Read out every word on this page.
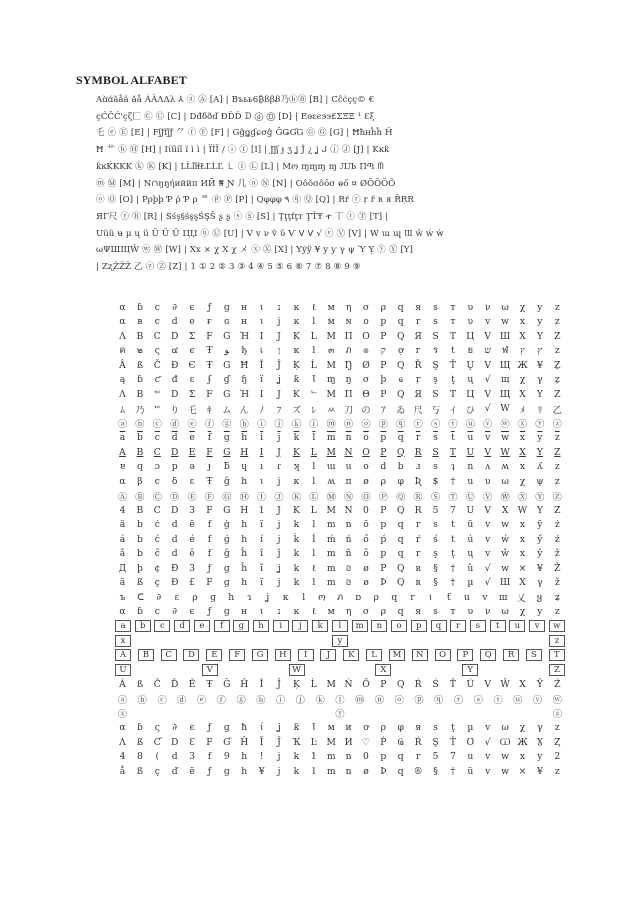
SYMBOL ALFABET
Aɑ̀ɑ́ăåã ăå ÀÂΛΔλ ⅄ ⓐ Ⓐ [A] | Bъьь6₿ßβᏰ乃ⓑⒷ [B] | Cĉċçç© €
çĆČĆ'ҫζ匚 Ⓒ Ⓒ [C] | Dđδðď ĐĎĎ ᗪ ⓓ Ⓓ [D] | Eəɛє϶϶£ΣΞΞ ¹ Ɛξ
乇 ⓔ Ⓔ [E] | Fʃƒſʃƒ ⺈ ⓕ Ⓕ [F] | Gĝǥɠɕσĝ ĜǤƓG Ⓖ Ⓖ [G] | Ħħнĥĥ Ĥ
Ħ ⺾ ⓗ Ⓗ [H] | Iίïìíï ï ì ì | ÏÌĪ / ⓘ Ⓘ [I] | Jĵʃ ɟ ʒ ʝ Ĵ ¿ ʝ ᒍ ⓙ Ⓙ [J] | Kĸƙ
ƙĸḰKKK ⓚ Ⓚ [K] | LĹľŀłŁĽĹĽ ㇄ ⓛ Ⓛ [L] | Mო ɱɱɱ ɱ ЛЉ ΠՊ ᗰ
ⓜ Ⓜ [M] | N∩ŋŋήиййπ ИЙ ₦ Ɲ 几 ⓝ Ⓝ [N] | Oôŏσôōσ ⱺő ¤ ØÕÕÕŌ
ⓞ Ⓞ [O] | Pρþþ Ƥ ῥ Ƥ ρ ᄅ ⓟ Ⓟ [P] | Qφφφ ۹ ⓠ Ⓠ [Q] | Rŕ ⓡ ŗ ř ʀ я ŘŖŖ
ЯΓ尺 ⓡ Ⓡ [R] | Sśş§śşşŚŞŠ ʂ ʂ ⓢ Ⓢ [S] | Ţţţťţт ŢŤŦ ተ 丅 ⓣ Ⓣ [T] |
Uũü ʉ μ ų ü Ū Ü Ŭ ЦЏ ⓤ Ⓤ [U] | V v ν ṽ ῦ Ѵ ᐯ ᐯ √ ⓥ Ⓥ [V] | W ɯ ɰ Ɯ ŵ ẃ ẁ
ωΨШЩŴ ⓦ Ⓦ [W] | Xx × χ Χ χ メ ⓧ Ⓧ [X] | Yýÿ ¥ y ƴ γ ψ Ύ Ỵ ⓨ Ⓨ [Y]
| ZʐŽŽŽ 乙 ⓩ Ⓩ [Z] | 1 ① 2 ② 3 ③ 4 ④ 5 ⑤ 6 ⑥ 7 ⑦ 8 ⑧ 9 ⑨
α	ɓ	ϲ	∂	є	ƒ	g	н	ι	נ	ĸ	ℓ	м	η	σ	ρ	q	я	ѕ	т	υ	ν	ω	χ	у	z
α	в	c	d	e	ғ	ɢ	н	ι	j	ĸ	l	м	ɴ	o	p	q	r	ѕ	т	υ	v	w	х	y	z
Λ	B	C	D	Σ	F	G Ή	I	J	K	L	M Π	O	P	Q	Я	S	T	Ц	V Ш X	Y	Z
ค	๒	ς	๔	є	Ŧ	ﻮ	ђ	เ	ן	к	l	๓	ภ	๏	ק	ợ	г	ร	t	ย	ש	ฬ	ץ	ץ	z
Â	ß	Č	Đ	Є	Ŧ	G	Ħ	Ï	Ĵ	Ķ	Ĺ	Μ Ŋ	Ø	Р	Q	Ř	Ş	Ť	Ų	V Щ Ж	¥	Ẕ
ą	ɓ	ƈ	đ	ε	ʄ	ɠ	ɧ	ï	ʝ	ƙ	Ɩ	ɱ	ŋ	σ	þ	ҩ	ŗ	ş	ţ	ų	√	щ	χ	γ	ẕ
Λ	B	ᄃ	D	Σ	F	G Ή	I	J	K	ᄂ M П	Θ	P	Q	Я	S	Т	Ц	V Щ X	Y	Z
ﾑ	乃 ᄃ り 乇	ｷ	ム ん	ﾉ	ﾌ	ズ	ﾚ	ﾶ 刀 の	ｱ	ゐ 尺 丂	ｲ	ひ	√	W	ﾒ	ﾘ	乙
ⓐ ⓑ ⓒ ⓓ ⓔ ⓕ ⓖ ⓗ ⓘ ⓙ ⓚ ⓛ ⓜ ⓝ ⓞ ⓟ ⓠ ⓡ ⓢ ⓣ ⓤ ⓥ ⓦ ⓧ ⓨ ⓩ
$\overline{a}$	$\overline{b}$	$\overline{c}$	$\overline{d}$	$\overline{e}$	$\overline{f}$	$\overline{g}$	$\overline{h}$	$\overline{i}$	$\overline{j}$	$\overline{k}$	$\overline{l}$	$\overline{m}$	$\overline{n}$	$\overline{o}$	$\overline{p}$	$\overline{q}$	$\overline{r}$	$\overline{s}$	$\overline{t}$	$\overline{u}$	$\overline{v}$	$\overline{w}$	$\overline{x}$	$\overline{y}$	$\overline{z}$
A	B	C	D	E	F	G	H	I	J	K	L	M N	O	P	Q	R	S	T	U	V	W	X	Y	Z
ɐ	q	ɔ	p	ǝ	ɟ	ƃ	ɥ	ı	ɾ	ʞ	l	ɯ	u	o	d	b	ɹ	s	ʇ	n	ʌ	ʍ	x	ʎ	z
α	β	c	δ	ε	Ŧ	ĝ	h	ι	j	κ	l	ʍ	π	ø	ρ	φ	Ʀ	$	†	u	υ	ω	χ	ψ	z
Ⓐ Ⓑ Ⓒ Ⓓ Ⓔ Ⓕ Ⓖ Ⓗ Ⓘ Ⓙ Ⓚ Ⓛ Ⓜ Ⓝ Ⓞ Ⓟ Ⓠ Ⓡ Ⓢ Ⓣ Ⓤ Ⓥ Ⓦ Ⓧ Ⓨ Ⓩ
4	B	C	D	3	F	G	H	1	J	K	L	M N	0	P	Q	R	5	7	U	V	X	W	Y	Z
ä	b	ċ	d	ë	f	ġ	h	ï	j	k	l	m	n	ö	p	q	r	s	t	ü	v	w	x	ÿ	ż
á	b	ć	d	é	f	ǵ	h	í	j	ḱ	ĺ	ḿ	ń	ő	ṕ	q	ŕ	ś	t	ú	v	ẃ	x	ӳ	ź
ã	b	ĉ	d	ê	f	ĝ	ĥ	î	ĵ	k	l	m	ñ	ô	p	q	r	ş	ţ	ų	v	ŵ	x	ŷ	ž
Д	þ	¢	Ð	3	ƒ	g	ĥ	ĩ	ʝ	k	ℓ	m	₪	ø	P	Q	ʀ	§	†	û	√	w	×	¥	Ž
ä	ß	ç	Đ	£	F	g	h	ï	j	k	l	m	₪	ø	Þ	Q	ʀ	§	†	µ	√	Ш X	γ	ž
ъ	ᑕ	∂	ε	ρ	ɡ	h	ɿ	ʝ	κ	l	ო	ภ	ɒ	ρ	q	r	ɩ	ƭ	u	v	ш	乂	ყ	ʑ
α	ɓ	ϲ	∂	є	ƒ	g	н	ι	נ	ĸ	ℓ	м	η	σ	ρ	q	я	ѕ	т	υ	ν	ω	χ	у	z
a	b	c	d	e	f	g	h	i	j	k	l	m	n	o	p	q	r	s	t	u	v	w
x	y	z
A	B	C	D	E	F	G	H	I	J	K	L	M	N	O	P	Q	R	S	T
U	V	W	X	Y	Z
Á	ß	Č	Ď	Ě	Ŧ	Ğ	Ĥ	Ĩ	Ĵ	Ķ	Ĺ	M Ń	Ő	P	Q	Ŕ	Ś	Ť	Ú	V	Ŵ	X	Ŷ	Ź
ⓐ	ⓑ	ⓒ	ⓓ	ⓔ	ⓕ	ⓖ	ⓗ	ⓘ	ⓙ	ⓚ	ⓛ	ⓜ	ⓝ	ⓞ	ⓟ	ⓠ	ⓡ	ⓢ	ⓣ	ⓤ	ⓥ	ⓦ
ⓧ	ⓨ	ⓩ
α	ɓ	ς	∂	є	ƒ	g	ħ	ί	ʝ	ƙ	Ɩ	м	и	ơ	ρ	φ	я	ѕ	ţ	µ	v	ω	χ	γ	z
Λ	ß	Ƈ	D	Ɛ	F	Ɠ	Ĥ	Ī	Ĵ	Ҡ	Ŀ	M И	♡	Ṗ	Ҩ	Ŕ	Ş	Ť	Ʊ	√ Ѡ Ж Ɣ	Ȥ
4	8	(	d	3	f	9	h	!	j	k	1	m	n	0	p	q	r	5	7	u	v	w	x	y	2
å	ß	ç	ď	ë	ƒ	g	h	¥	j	k	l	m	n	ø	Þ	q	®	§	†	ü	v	w	×	¥	z
